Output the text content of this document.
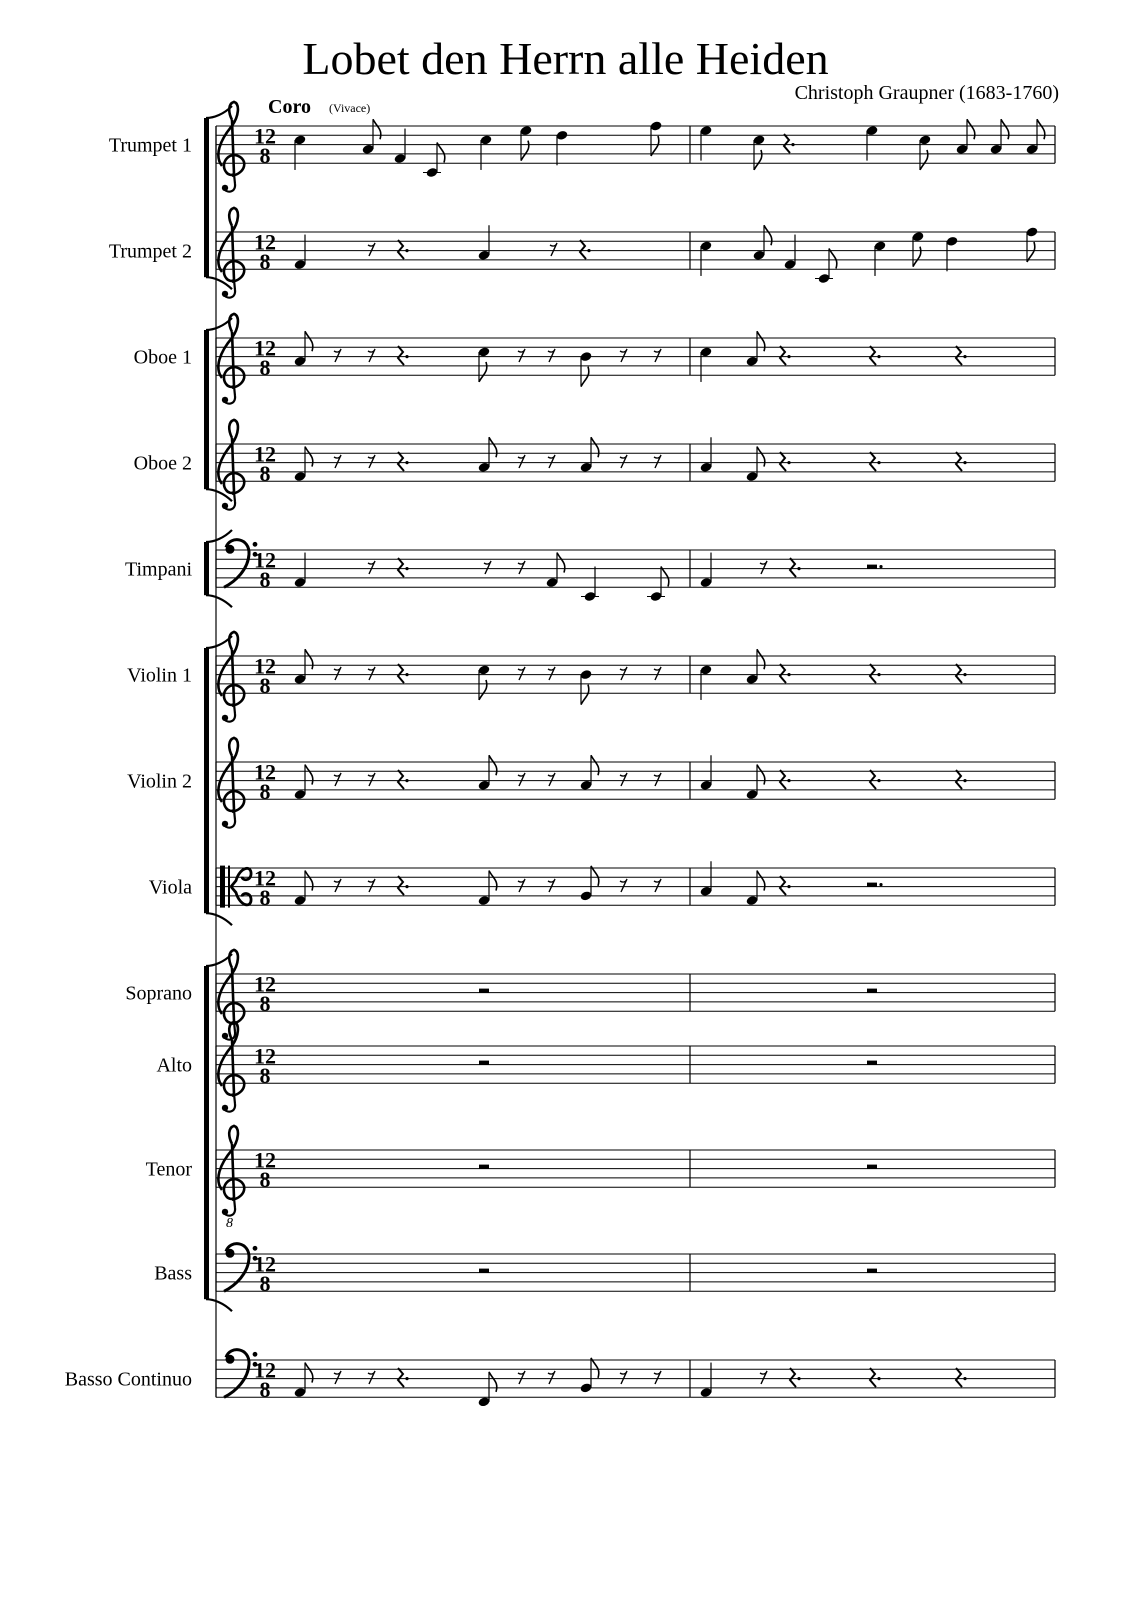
Lobet den Herrn alle Heiden
Christoph Graupner (1683-1760)
Coro (Vivace)
Trumpet 1	12
8
Trumpet 2	12
8
Oboe 1	12
8
Oboe 2	12
8
Timpani	12
8
Violin 1	12
8
Violin 2	12
8
Viola	12
8
Soprano	12
8
Alto	12
8
Tenor
8
12
8
Bass	12
8
Basso Continuo	12
8
